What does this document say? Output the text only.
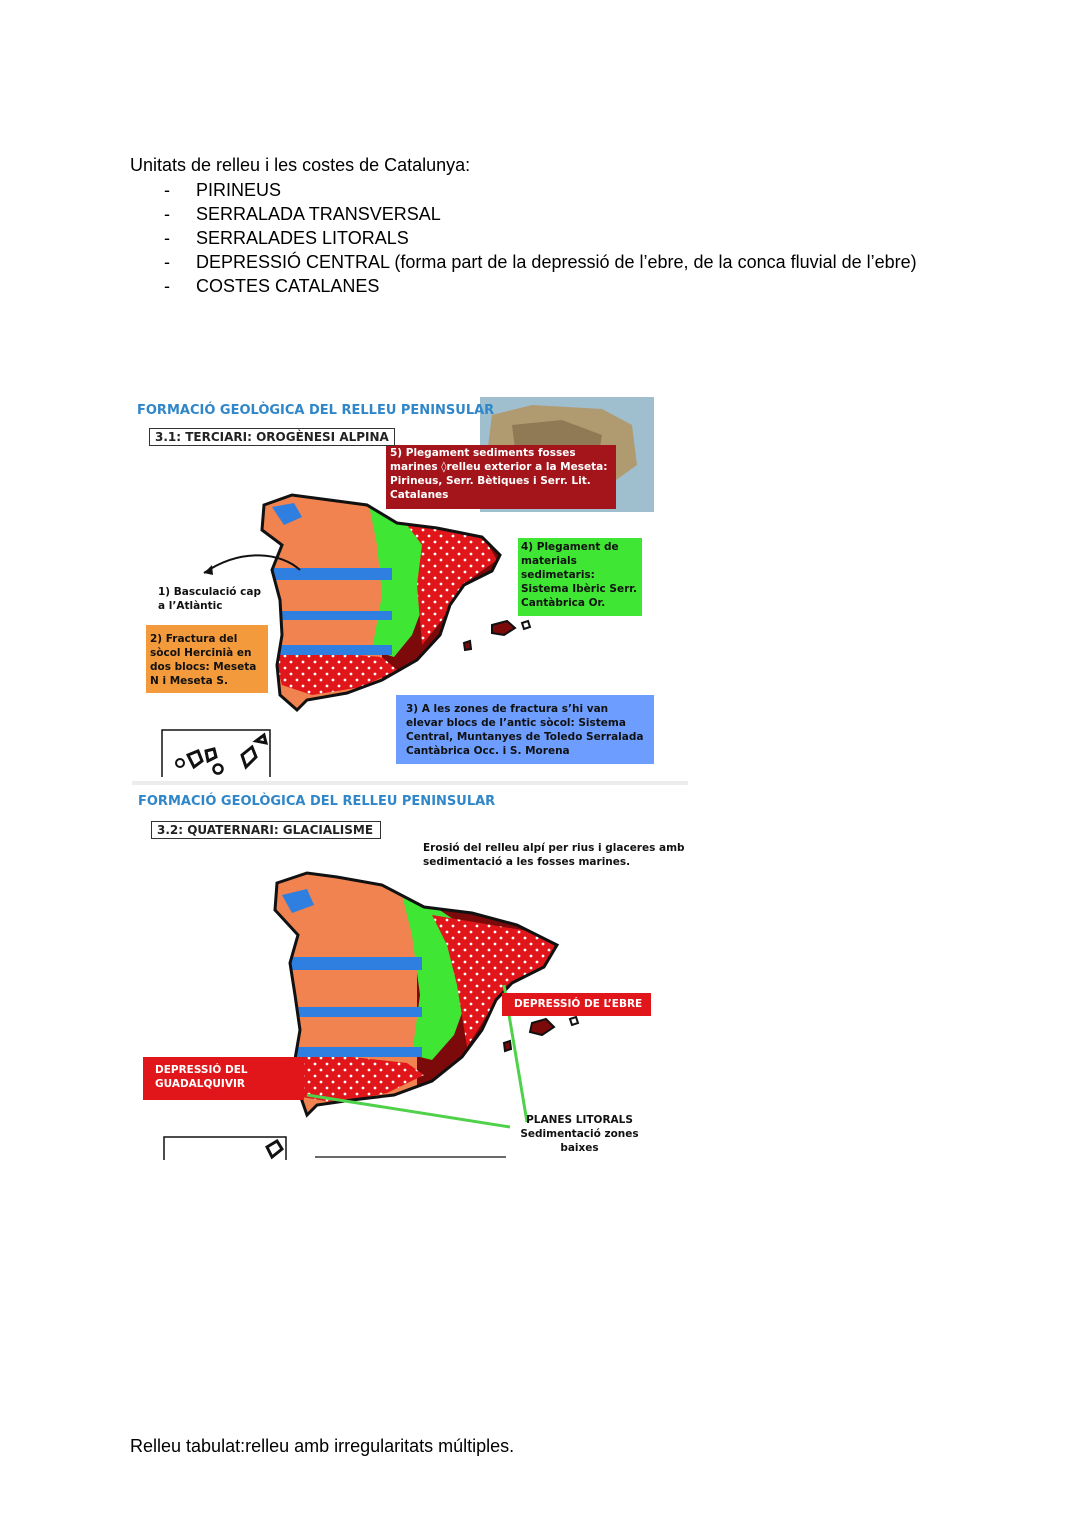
Unitats de relleu i les costes de Catalunya:
- PIRINEUS
- SERRALADA TRANSVERSAL
- SERRALADES LITORALS
- DEPRESSIÓ CENTRAL (forma part de la depressió de l’ebre, de la conca fluvial de l’ebre)
- COSTES CATALANES
FORMACIÓ GEOLÒGICA DEL RELLEU PENINSULAR
3.1: TERCIARI: OROGÈNESI ALPINA
5) Plegament sediments fosses marines ◊relleu exterior a la Meseta: Pirineus, Serr. Bètiques i Serr. Lit. Catalanes
4) Plegament de materials sedimetaris: Sistema Ibèric Serr. Cantàbrica Or.
1) Basculació cap a l’Atlàntic
2) Fractura del sòcol Hercinià en dos blocs: Meseta N i Meseta S.
3) A les zones de fractura s’hi van elevar blocs de l’antic sòcol: Sistema Central, Muntanyes de Toledo Serralada Cantàbrica Occ. i S. Morena
FORMACIÓ GEOLÒGICA DEL RELLEU PENINSULAR
3.2: QUATERNARI: GLACIALISME
Erosió del relleu alpí per rius i glaceres amb sedimentació a les fosses marines.
DEPRESSIÓ DE L’EBRE
DEPRESSIÓ DEL GUADALQUIVIR
PLANES LITORALS
Sedimentació zones baixes
Relleu tabulat:relleu amb irregularitats múltiples.
